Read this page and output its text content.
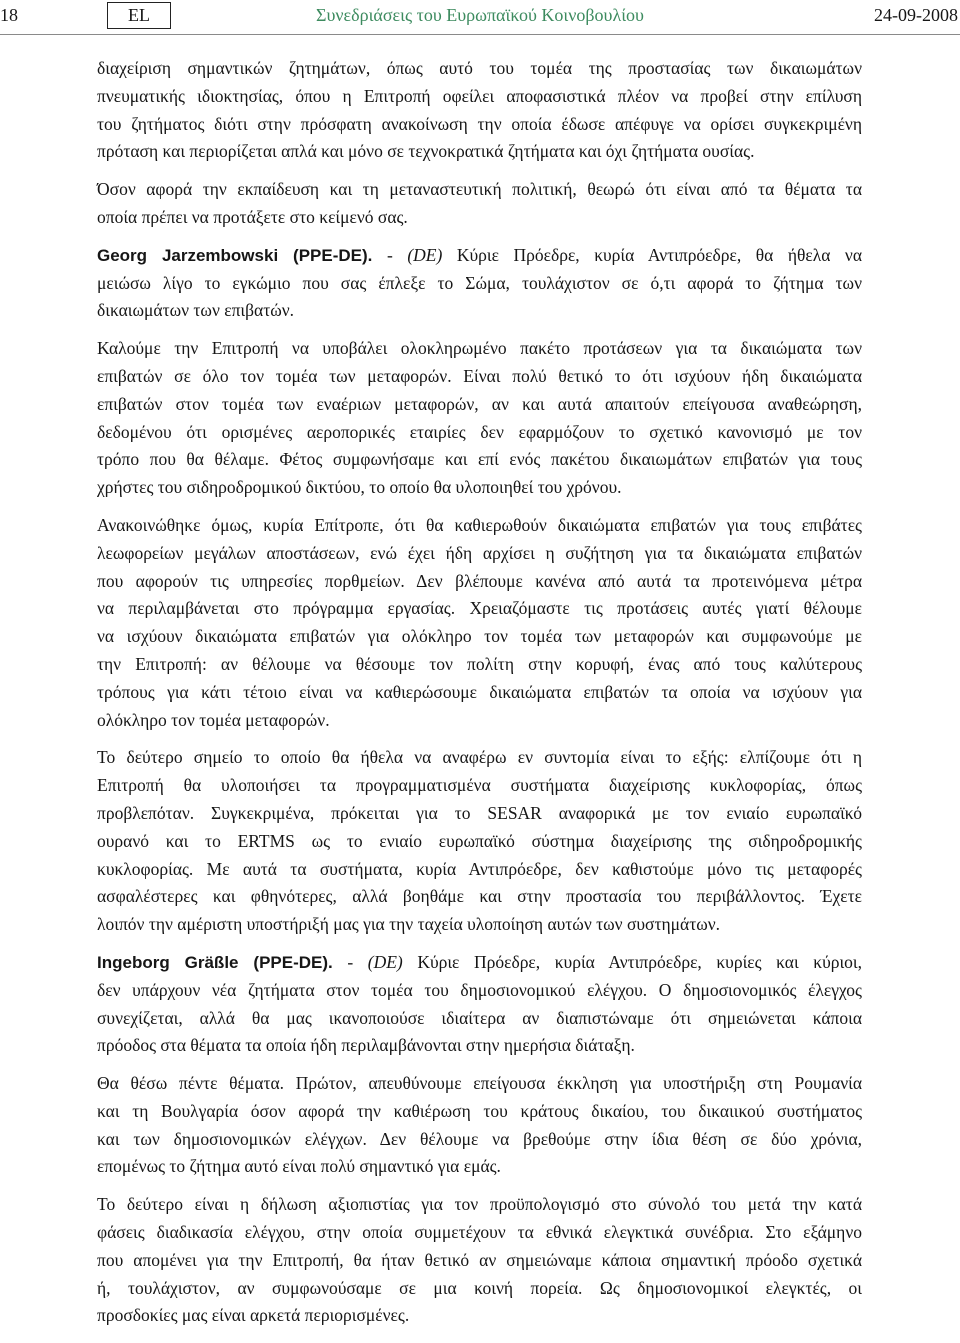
18	EL	Συνεδριάσεις του Ευρωπαϊκού Κοινοβουλίου	24-09-2008
διαχείριση σημαντικών ζητημάτων, όπως αυτό του τομέα της προστασίας των δικαιωμάτων
πνευματικής ιδιοκτησίας, όπου η Επιτροπή οφείλει αποφασιστικά πλέον να προβεί στην επίλυση
του ζητήματος διότι στην πρόσφατη ανακοίνωση την οποία έδωσε απέφυγε να ορίσει συγκεκριμένη
πρόταση και περιορίζεται απλά και μόνο σε τεχνοκρατικά ζητήματα και όχι ζητήματα ουσίας.
Όσον αφορά την εκπαίδευση και τη μεταναστευτική πολιτική, θεωρώ ότι είναι από τα θέματα τα
οποία πρέπει να προτάξετε στο κείμενό σας.
Georg Jarzembowski (PPE-DE). - (DE) Κύριε Πρόεδρε, κυρία Αντιπρόεδρε, θα ήθελα να
μειώσω λίγο το εγκώμιο που σας έπλεξε το Σώμα, τουλάχιστον σε ό,τι αφορά το ζήτημα των
δικαιωμάτων των επιβατών.
Καλούμε την Επιτροπή να υποβάλει ολοκληρωμένο πακέτο προτάσεων για τα δικαιώματα των
επιβατών σε όλο τον τομέα των μεταφορών. Είναι πολύ θετικό το ότι ισχύουν ήδη δικαιώματα
επιβατών στον τομέα των εναέριων μεταφορών, αν και αυτά απαιτούν επείγουσα αναθεώρηση,
δεδομένου ότι ορισμένες αεροπορικές εταιρίες δεν εφαρμόζουν το σχετικό κανονισμό με τον
τρόπο που θα θέλαμε. Φέτος συμφωνήσαμε και επί ενός πακέτου δικαιωμάτων επιβατών για τους
χρήστες του σιδηροδρομικού δικτύου, το οποίο θα υλοποιηθεί του χρόνου.
Ανακοινώθηκε όμως, κυρία Επίτροπε, ότι θα καθιερωθούν δικαιώματα επιβατών για τους επιβάτες
λεωφορείων μεγάλων αποστάσεων, ενώ έχει ήδη αρχίσει η συζήτηση για τα δικαιώματα επιβατών
που αφορούν τις υπηρεσίες πορθμείων. Δεν βλέπουμε κανένα από αυτά τα προτεινόμενα μέτρα
να περιλαμβάνεται στο πρόγραμμα εργασίας. Χρειαζόμαστε τις προτάσεις αυτές γιατί θέλουμε
να ισχύουν δικαιώματα επιβατών για ολόκληρο τον τομέα των μεταφορών και συμφωνούμε με
την Επιτροπή: αν θέλουμε να θέσουμε τον πολίτη στην κορυφή, ένας από τους καλύτερους
τρόπους για κάτι τέτοιο είναι να καθιερώσουμε δικαιώματα επιβατών τα οποία να ισχύουν για
ολόκληρο τον τομέα μεταφορών.
Το δεύτερο σημείο το οποίο θα ήθελα να αναφέρω εν συντομία είναι το εξής: ελπίζουμε ότι η
Επιτροπή θα υλοποιήσει τα προγραμματισμένα συστήματα διαχείρισης κυκλοφορίας, όπως
προβλεπόταν. Συγκεκριμένα, πρόκειται για το SESAR αναφορικά με τον ενιαίο ευρωπαϊκό
ουρανό και το ERTMS ως το ενιαίο ευρωπαϊκό σύστημα διαχείρισης της σιδηροδρομικής
κυκλοφορίας. Με αυτά τα συστήματα, κυρία Αντιπρόεδρε, δεν καθιστούμε μόνο τις μεταφορές
ασφαλέστερες και φθηνότερες, αλλά βοηθάμε και στην προστασία του περιβάλλοντος. Έχετε
λοιπόν την αμέριστη υποστήριξή μας για την ταχεία υλοποίηση αυτών των συστημάτων.
Ingeborg Gräßle (PPE-DE). - (DE) Κύριε Πρόεδρε, κυρία Αντιπρόεδρε, κυρίες και κύριοι,
δεν υπάρχουν νέα ζητήματα στον τομέα του δημοσιονομικού ελέγχου. Ο δημοσιονομικός έλεγχος
συνεχίζεται, αλλά θα μας ικανοποιούσε ιδιαίτερα αν διαπιστώναμε ότι σημειώνεται κάποια
πρόοδος στα θέματα τα οποία ήδη περιλαμβάνονται στην ημερήσια διάταξη.
Θα θέσω πέντε θέματα. Πρώτον, απευθύνουμε επείγουσα έκκληση για υποστήριξη στη Ρουμανία
και τη Βουλγαρία όσον αφορά την καθιέρωση του κράτους δικαίου, του δικαιικού συστήματος
και των δημοσιονομικών ελέγχων. Δεν θέλουμε να βρεθούμε στην ίδια θέση σε δύο χρόνια,
επομένως το ζήτημα αυτό είναι πολύ σημαντικό για εμάς.
Το δεύτερο είναι η δήλωση αξιοπιστίας για τον προϋπολογισμό στο σύνολό του μετά την κατά
φάσεις διαδικασία ελέγχου, στην οποία συμμετέχουν τα εθνικά ελεγκτικά συνέδρια. Στο εξάμηνο
που απομένει για την Επιτροπή, θα ήταν θετικό αν σημειώναμε κάποια σημαντική πρόοδο σχετικά
ή, τουλάχιστον, αν συμφωνούσαμε σε μια κοινή πορεία. Ως δημοσιονομικοί ελεγκτές, οι
προσδοκίες μας είναι αρκετά περιορισμένες.
